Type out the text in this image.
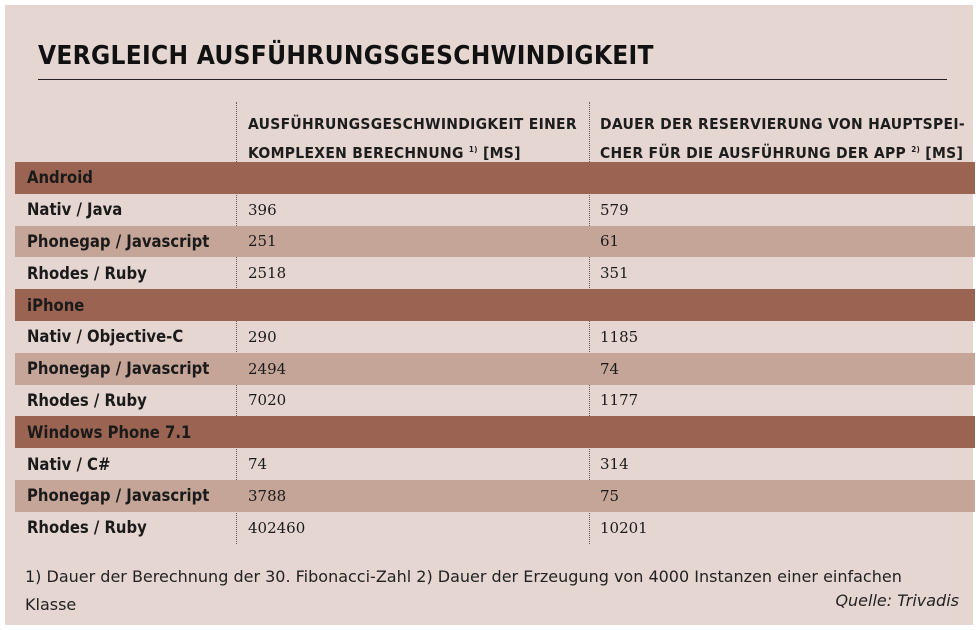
VERGLEICH AUSFÜHRUNGSGESCHWINDIGKEIT
AUSFÜHRUNGSGESCHWINDIGKEIT EINER KOMPLEXEN BERECHNUNG $^{1)}$ [MS]
DAUER DER RESERVIERUNG VON HAUPTSPEI-CHER FÜR DIE AUSFÜHRUNG DER APP $^{2)}$ [MS]
Android
Nativ / Java	396	579
Phonegap / Javascript	251	61
Rhodes / Ruby	2518	351
iPhone
Nativ / Objective-C	290	1185
Phonegap / Javascript	2494	74
Rhodes / Ruby	7020	1177
Windows Phone 7.1
Nativ / C#	74	314
Phonegap / Javascript	3788	75
Rhodes / Ruby	402460	10201
1) Dauer der Berechnung der 30. Fibonacci-Zahl 2) Dauer der Erzeugung von 4000 Instanzen einer einfachen Klasse	Quelle: Trivadis
